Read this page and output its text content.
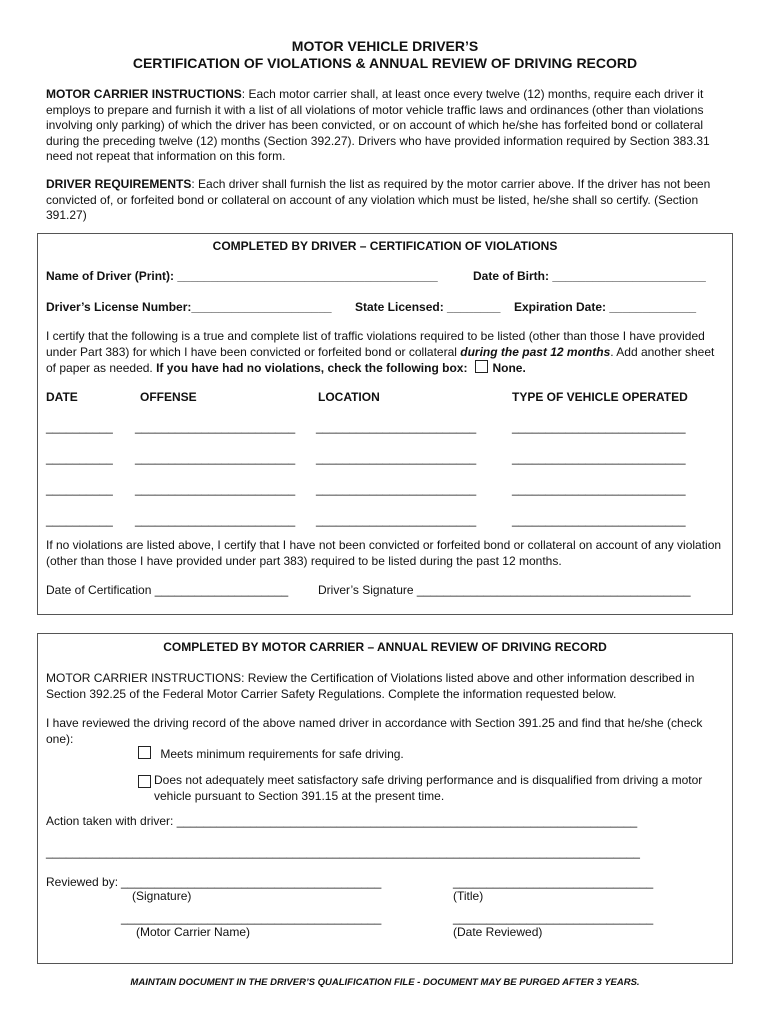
MOTOR VEHICLE DRIVER’S
CERTIFICATION OF VIOLATIONS & ANNUAL REVIEW OF DRIVING RECORD
MOTOR CARRIER INSTRUCTIONS: Each motor carrier shall, at least once every twelve (12) months, require each driver it employs to prepare and furnish it with a list of all violations of motor vehicle traffic laws and ordinances (other than violations involving only parking) of which the driver has been convicted, or on account of which he/she has forfeited bond or collateral during the preceding twelve (12) months (Section 392.27). Drivers who have provided information required by Section 383.31 need not repeat that information on this form.
DRIVER REQUIREMENTS: Each driver shall furnish the list as required by the motor carrier above. If the driver has not been convicted of, or forfeited bond or collateral on account of any violation which must be listed, he/she shall so certify. (Section 391.27)
COMPLETED BY DRIVER – CERTIFICATION OF VIOLATIONS
Name of Driver (Print): _______________________________________	Date of Birth: _______________________
Driver’s License Number:_____________________ State Licensed: ________ Expiration Date: _____________
I certify that the following is a true and complete list of traffic violations required to be listed (other than those I have provided under Part 383) for which I have been convicted or forfeited bond or collateral during the past 12 months. Add another sheet of paper as needed. If you have had no violations, check the following box: None.
DATE	OFFENSE	LOCATION	TYPE OF VEHICLE OPERATED
__________ ________________________ ________________________	__________________________
__________ ________________________ ________________________	__________________________
__________ ________________________ ________________________	__________________________
__________ ________________________ ________________________	__________________________
If no violations are listed above, I certify that I have not been convicted or forfeited bond or collateral on account of any violation (other than those I have provided under part 383) required to be listed during the past 12 months.
Date of Certification ____________________ Driver’s Signature _________________________________________
COMPLETED BY MOTOR CARRIER – ANNUAL REVIEW OF DRIVING RECORD
MOTOR CARRIER INSTRUCTIONS: Review the Certification of Violations listed above and other information described in Section 392.25 of the Federal Motor Carrier Safety Regulations. Complete the information requested below.
I have reviewed the driving record of the above named driver in accordance with Section 391.25 and find that he/she (check one):
Meets minimum requirements for safe driving.
Does not adequately meet satisfactory safe driving performance and is disqualified from driving a motor vehicle pursuant to Section 391.15 at the present time.
Action taken with driver: _____________________________________________________________________
_________________________________________________________________________________________
Reviewed by: _______________________________________	______________________________
(Signature)	(Title)
_______________________________________	______________________________
(Motor Carrier Name)	(Date Reviewed)
MAINTAIN DOCUMENT IN THE DRIVER’S QUALIFICATION FILE - DOCUMENT MAY BE PURGED AFTER 3 YEARS.
